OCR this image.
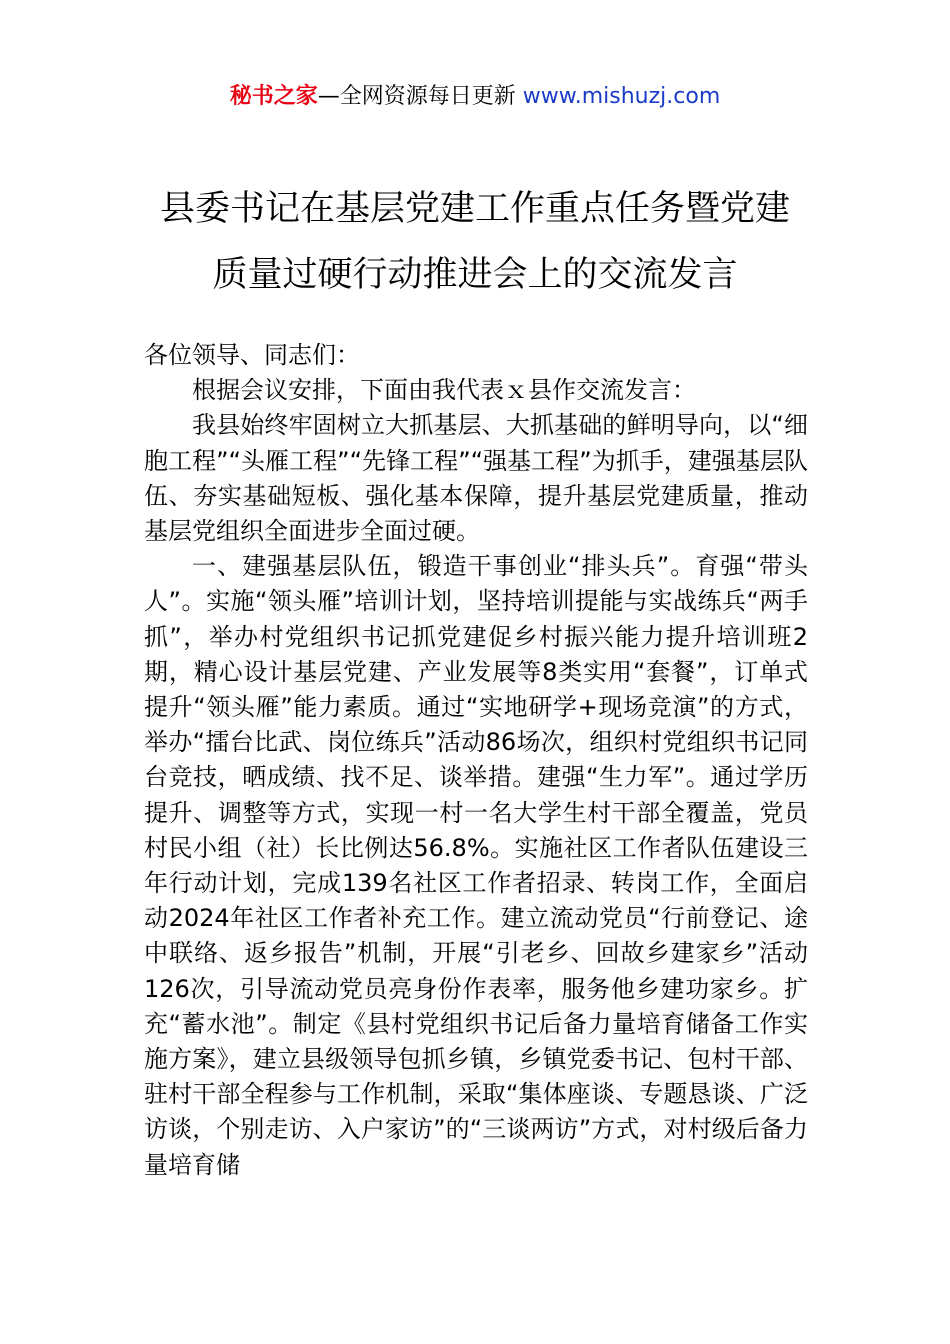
秘书之家—全网资源每日更新 www.mishuzj.com
县委书记在基层党建工作重点任务暨党建
质量过硬行动推进会上的交流发言

各位领导、同志们：

根据会议安排，下面由我代表ｘ县作交流发言：

我县始终牢固树立大抓基层、大抓基础的鲜明导向，以“细胞工程”“头雁工程”“先锋工程”“强基工程”为抓手，建强基层队伍、夯实基础短板、强化基本保障，提升基层党建质量，推动基层党组织全面进步全面过硬。

一、建强基层队伍，锻造干事创业“排头兵”。育强“带头人”。实施“领头雁”培训计划，坚持培训提能与实战练兵“两手抓”，举办村党组织书记抓党建促乡村振兴能力提升培训班2期，精心设计基层党建、产业发展等8类实用“套餐”，订单式提升“领头雁”能力素质。通过“实地研学+现场竞演”的方式，举办“擂台比武、岗位练兵”活动86场次，组织村党组织书记同台竞技，晒成绩、找不足、谈举措。建强“生力军”。通过学历提升、调整等方式，实现一村一名大学生村干部全覆盖，党员村民小组（社）长比例达56.8%。实施社区工作者队伍建设三年行动计划，完成139名社区工作者招录、转岗工作，全面启动2024年社区工作者补充工作。建立流动党员“行前登记、途中联络、返乡报告”机制，开展“引老乡、回故乡建家乡”活动126次，引导流动党员亮身份作表率，服务他乡建功家乡。扩充“蓄水池”。制定《县村党组织书记后备力量培育储备工作实施方案》，建立县级领导包抓乡镇，乡镇党委书记、包村干部、驻村干部全程参与工作机制，采取“集体座谈、专题恳谈、广泛访谈，个别走访、入户家访”的“三谈两访”方式，对村级后备力量培育储
